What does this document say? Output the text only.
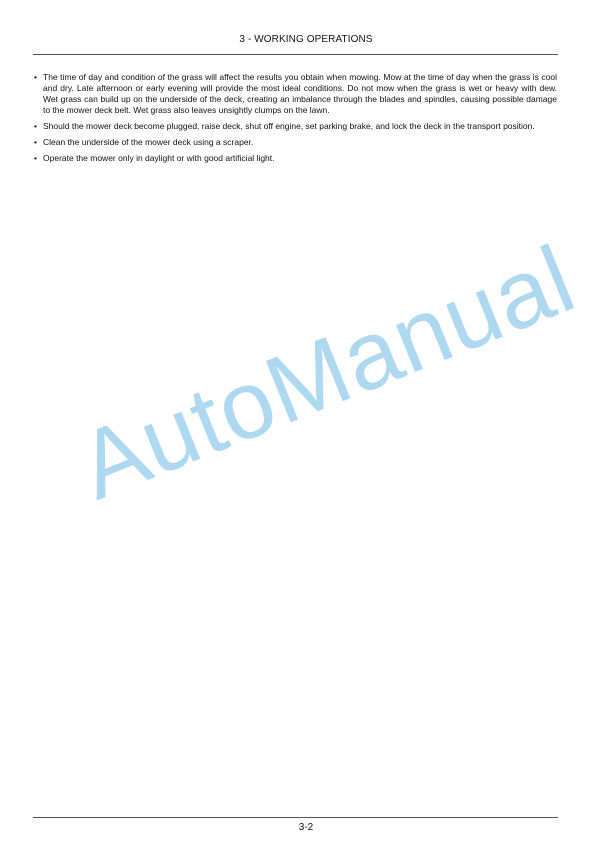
3 - WORKING OPERATIONS
• The time of day and condition of the grass will affect the results you obtain when mowing. Mow at the time of day when the grass is cool and dry. Late afternoon or early evening will provide the most ideal conditions. Do not mow when the grass is wet or heavy with dew. Wet grass can build up on the underside of the deck, creating an imbalance through the blades and spindles, causing possible damage to the mower deck belt. Wet grass also leaves unsightly clumps on the lawn.
• Should the mower deck become plugged, raise deck, shut off engine, set parking brake, and lock the deck in the transport position.
• Clean the underside of the mower deck using a scraper.
• Operate the mower only in daylight or with good artificial light.
AutoManual
3-2
